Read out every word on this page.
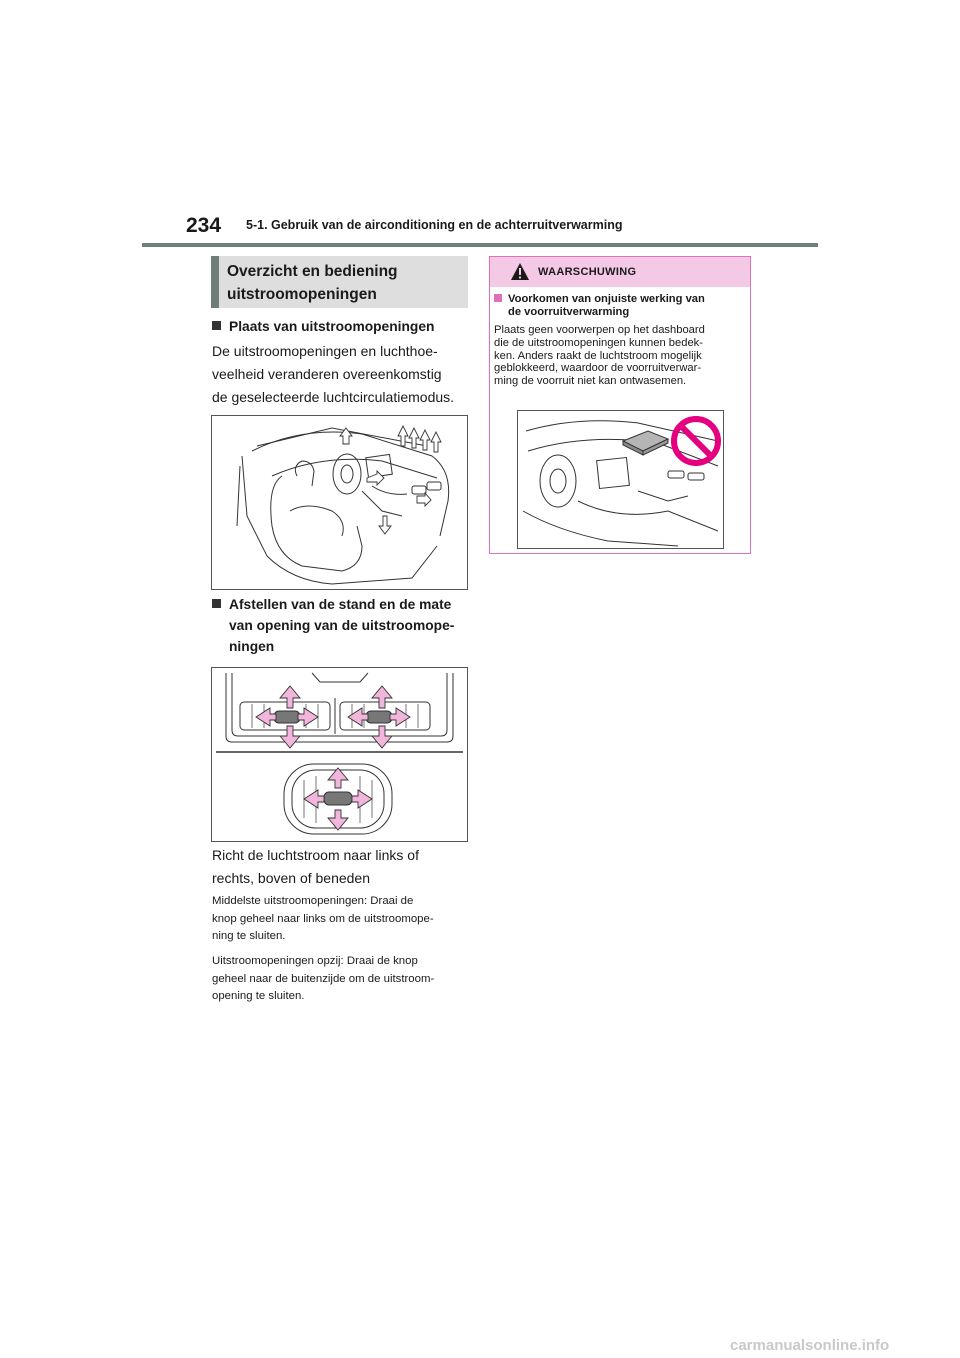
234 5-1. Gebruik van de airconditioning en de achterruitverwarming
Overzicht en bediening
uitstroomopeningen
Plaats van uitstroomopeningen
De uitstroomopeningen en luchthoe-
veelheid veranderen overeenkomstig
de geselecteerde luchtcirculatiemodus.
Afstellen van de stand en de mate
van opening van de uitstroomope-
ningen
Richt de luchtstroom naar links of
rechts, boven of beneden
Middelste uitstroomopeningen: Draai de
knop geheel naar links om de uitstroomope-
ning te sluiten.
Uitstroomopeningen opzij: Draai de knop
geheel naar de buitenzijde om de uitstroom-
opening te sluiten.
WAARSCHUWING
Voorkomen van onjuiste werking van
de voorruitverwarming
Plaats geen voorwerpen op het dashboard
die de uitstroomopeningen kunnen bedek-
ken. Anders raakt de luchtstroom mogelijk
geblokkeerd, waardoor de voorruitverwar-
ming de voorruit niet kan ontwasemen.
carmanualsonline.info
